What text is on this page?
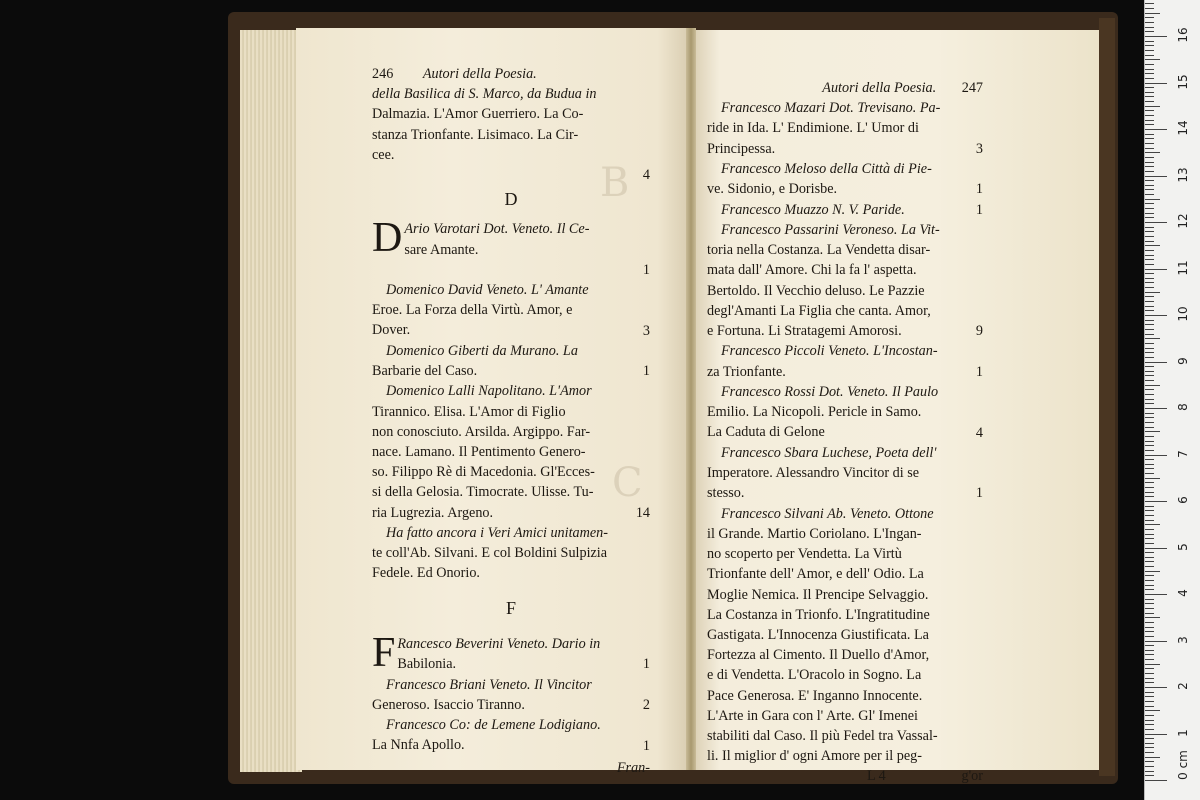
B
C
246 Autori della Poesia.
della Basilica di S. Marco, da Budua in
Dalmazia. L'Amor Guerriero. La Co-
stanza Trionfante. Lisimaco. La Cir-
cee.
4
D
D Ario Varotari Dot. Veneto. Il Ce-
sare Amante.
1
Domenico David Veneto. L' Amante
Eroe. La Forza della Virtù. Amor, e
Dover.	3
Domenico Giberti da Murano. La
Barbarie del Caso.	1
Domenico Lalli Napolitano. L'Amor
Tirannico. Elisa. L'Amor di Figlio
non conosciuto. Arsilda. Argippo. Far-
nace. Lamano. Il Pentimento Genero-
so. Filippo Rè di Macedonia. Gl'Ecces-
si della Gelosia. Timocrate. Ulisse. Tu-
ria Lugrezia. Argeno.	14
Ha fatto ancora i Veri Amici unitamen-
te coll'Ab. Silvani. E col Boldini Sulpizia
Fedele. Ed Onorio.
F
F Rancesco Beverini Veneto. Dario in
Babilonia.	1
Francesco Briani Veneto. Il Vincitor
Generoso. Isaccio Tiranno.	2
Francesco Co: de Lemene Lodigiano.
La Nnfa Apollo.	1
Fran-
Autori della Poesia. 247
Francesco Mazari Dot. Trevisano. Pa-
ride in Ida. L' Endimione. L' Umor di
Principessa.	3
Francesco Meloso della Città di Pie-
ve. Sidonio, e Dorisbe.	1
Francesco Muazzo N. V. Paride.	1
Francesco Passarini Veroneso. La Vit-
toria nella Costanza. La Vendetta disar-
mata dall' Amore. Chi la fa l' aspetta.
Bertoldo. Il Vecchio deluso. Le Pazzie
degl'Amanti La Figlia che canta. Amor,
e Fortuna. Li Stratagemi Amorosi.	9
Francesco Piccoli Veneto. L'Incostan-
za Trionfante.	1
Francesco Rossi Dot. Veneto. Il Paulo
Emilio. La Nicopoli. Pericle in Samo.
La Caduta di Gelone	4
Francesco Sbara Luchese, Poeta dell'
Imperatore. Alessandro Vincitor di se
stesso.	1
Francesco Silvani Ab. Veneto. Ottone
il Grande. Martio Coriolano. L'Ingan-
no scoperto per Vendetta. La Virtù
Trionfante dell' Amor, e dell' Odio. La
Moglie Nemica. Il Prencipe Selvaggio.
La Costanza in Trionfo. L'Ingratitudine
Gastigata. L'Innocenza Giustificata. La
Fortezza al Cimento. Il Duello d'Amor,
e di Vendetta. L'Oracolo in Sogno. La
Pace Generosa. E' Inganno Innocente.
L'Arte in Gara con l' Arte. Gl' Imenei
stabiliti dal Caso. Il più Fedel tra Vassal-
li. Il miglior d' ogni Amore per il peg-
L 4	g'or	0 cm
1
2
3
4
5
6
7
8
9
10
11
12
13
14
15
16
